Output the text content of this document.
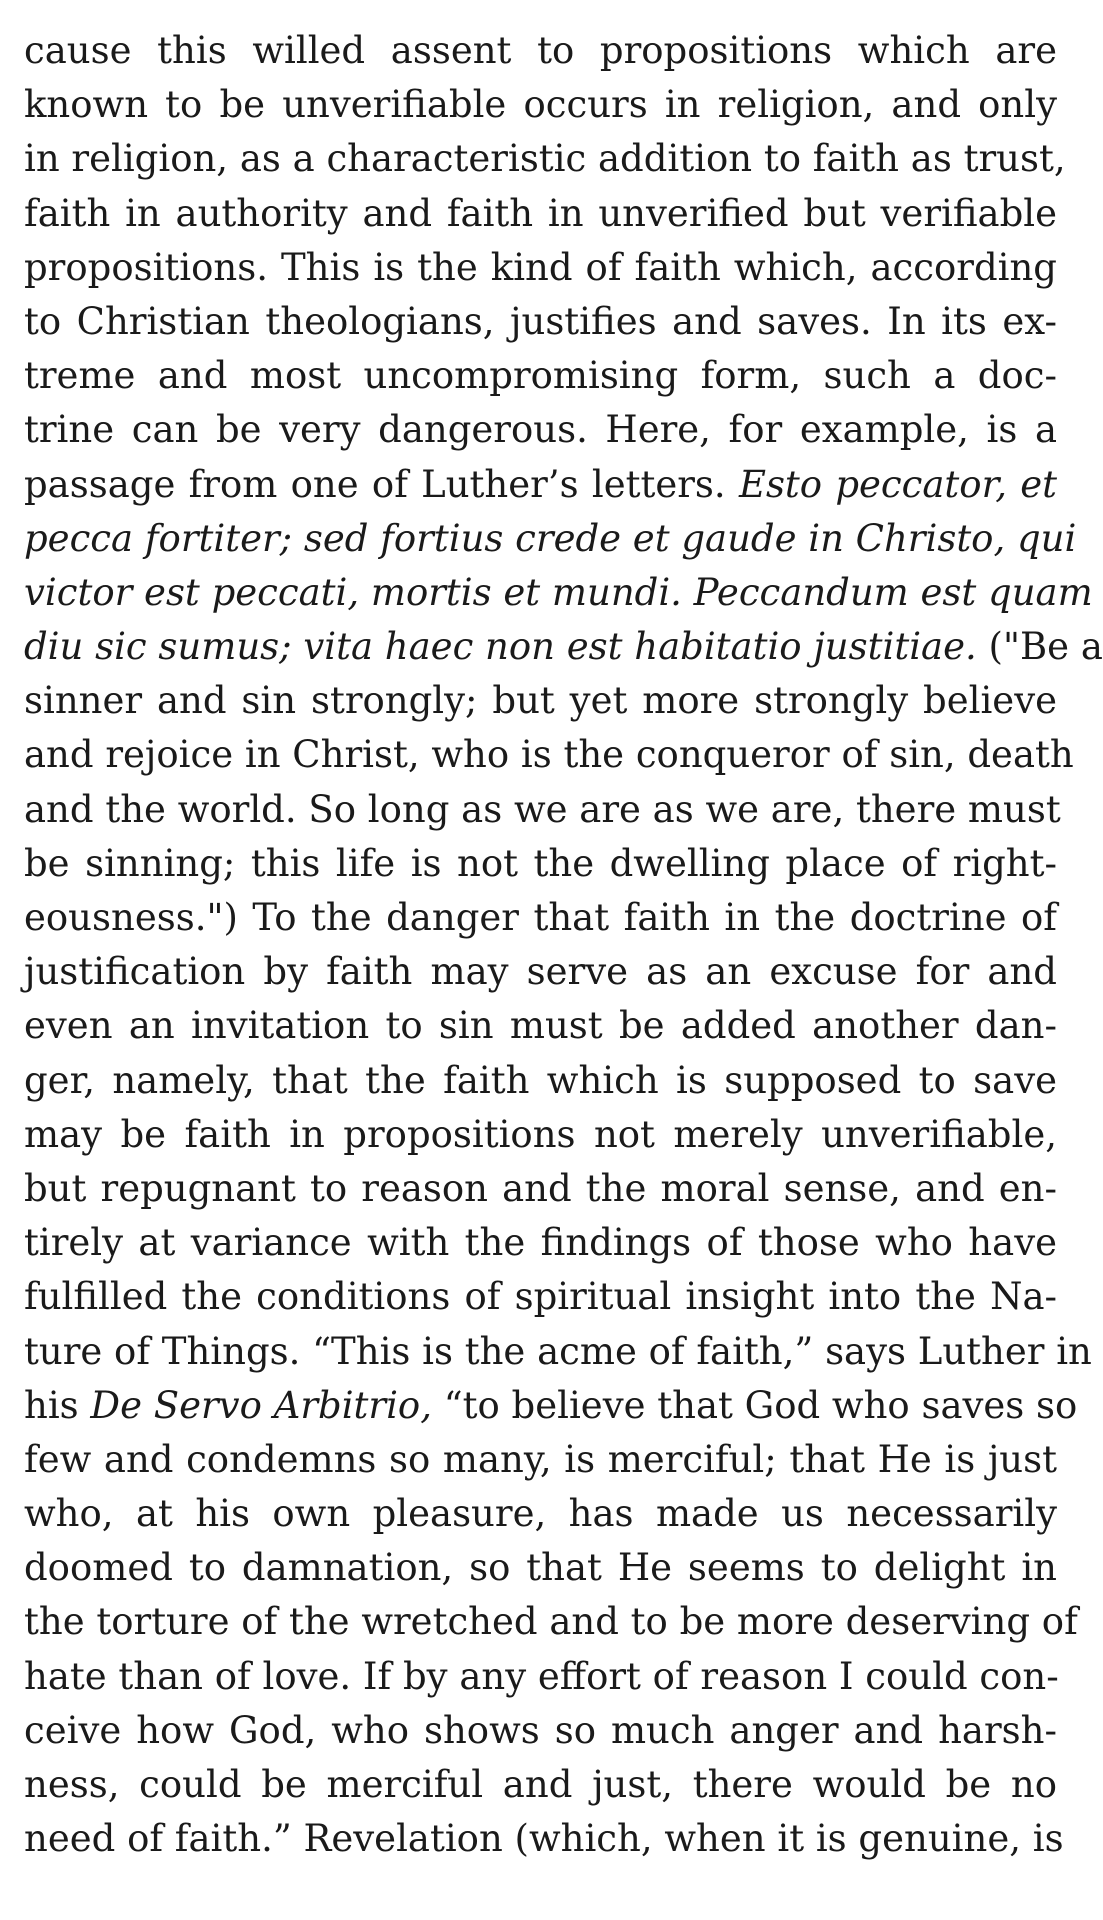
cause this willed assent to propositions which are
known to be unverifiable occurs in religion, and only
in religion, as a characteristic addition to faith as trust,
faith in authority and faith in unverified but verifiable
propositions. This is the kind of faith which, according
to Christian theologians, justifies and saves. In its ex-
treme and most uncompromising form, such a doc-
trine can be very dangerous. Here, for example, is a
passage from one of Luther’s letters. Esto peccator, et
pecca fortiter; sed fortius crede et gaude in Christo, qui
victor est peccati, mortis et mundi. Peccandum est quam
diu sic sumus; vita haec non est habitatio justitiae. ("Be a
sinner and sin strongly; but yet more strongly believe
and rejoice in Christ, who is the conqueror of sin, death
and the world. So long as we are as we are, there must
be sinning; this life is not the dwelling place of right-
eousness.") To the danger that faith in the doctrine of
justification by faith may serve as an excuse for and
even an invitation to sin must be added another dan-
ger, namely, that the faith which is supposed to save
may be faith in propositions not merely unverifiable,
but repugnant to reason and the moral sense, and en-
tirely at variance with the findings of those who have
fulfilled the conditions of spiritual insight into the Na-
ture of Things. “This is the acme of faith,” says Luther in
his De Servo Arbitrio, “to believe that God who saves so
few and condemns so many, is merciful; that He is just
who, at his own pleasure, has made us necessarily
doomed to damnation, so that He seems to delight in
the torture of the wretched and to be more deserving of
hate than of love. If by any effort of reason I could con-
ceive how God, who shows so much anger and harsh-
ness, could be merciful and just, there would be no
need of faith.” Revelation (which, when it is genuine, is
